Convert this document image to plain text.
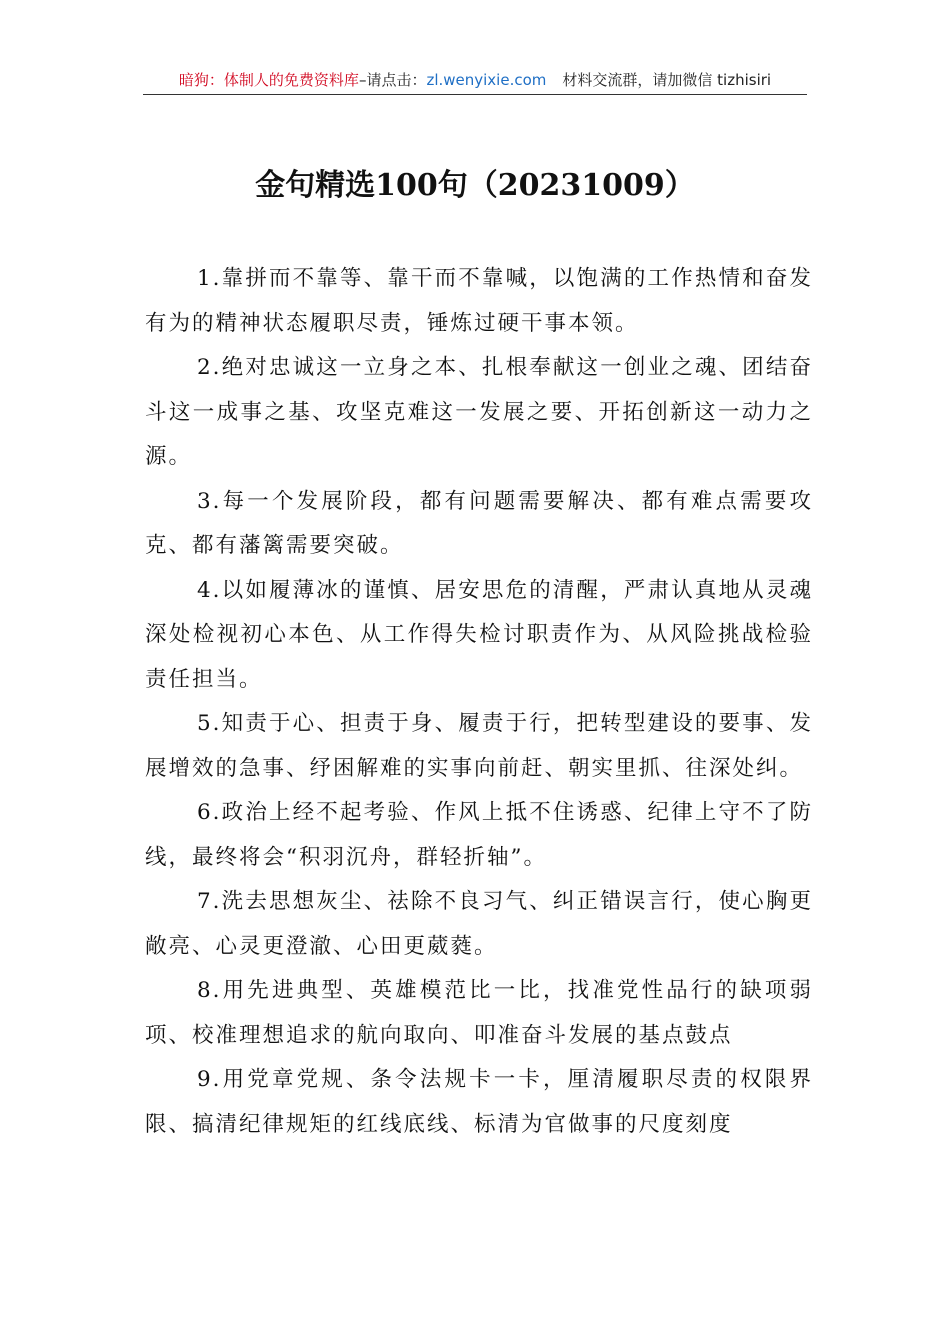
暗狗：体制人的免费资料库–请点击：zl.wenyixie.com 材料交流群，请加微信 tizhisiri
金句精选100句（20231009）

1.靠拼而不靠等、靠干而不靠喊，以饱满的工作热情和奋发有为的精神状态履职尽责，锤炼过硬干事本领。

2.绝对忠诚这一立身之本、扎根奉献这一创业之魂、团结奋斗这一成事之基、攻坚克难这一发展之要、开拓创新这一动力之源。

3.每一个发展阶段，都有问题需要解决、都有难点需要攻克、都有藩篱需要突破。

4.以如履薄冰的谨慎、居安思危的清醒，严肃认真地从灵魂深处检视初心本色、从工作得失检讨职责作为、从风险挑战检验责任担当。

5.知责于心、担责于身、履责于行，把转型建设的要事、发展增效的急事、纾困解难的实事向前赶、朝实里抓、往深处纠。

6.政治上经不起考验、作风上抵不住诱惑、纪律上守不了防线，最终将会“积羽沉舟，群轻折轴”。

7.洗去思想灰尘、祛除不良习气、纠正错误言行，使心胸更敞亮、心灵更澄澈、心田更葳蕤。

8.用先进典型、英雄模范比一比，找准党性品行的缺项弱项、校准理想追求的航向取向、叩准奋斗发展的基点鼓点

9.用党章党规、条令法规卡一卡，厘清履职尽责的权限界限、搞清纪律规矩的红线底线、标清为官做事的尺度刻度
